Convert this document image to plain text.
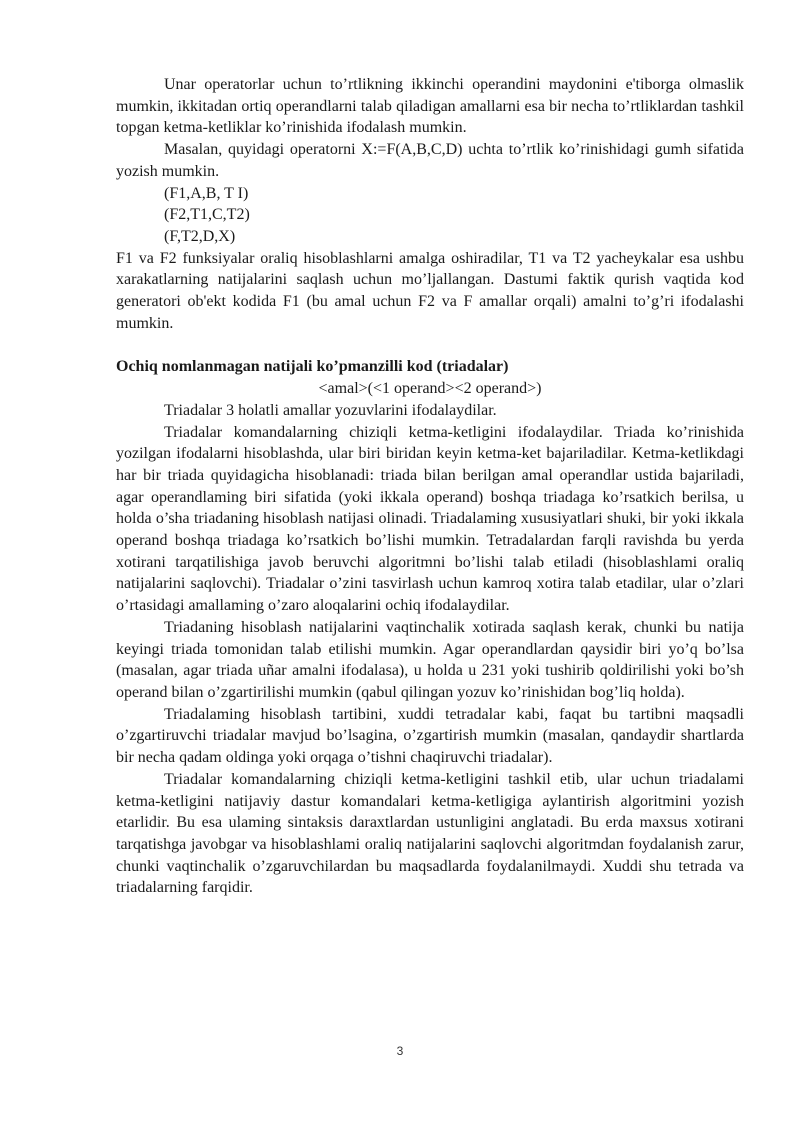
Unar operatorlar uchun to’rtlikning ikkinchi operandini maydonini e'tiborga olmaslik mumkin, ikkitadan ortiq operandlarni talab qiladigan amallarni esa bir necha to’rtliklardan tashkil topgan ketma-ketliklar ko’rinishida ifodalash mumkin.

Masalan, quyidagi operatorni X:=F(A,B,C,D) uchta to’rtlik ko’rinishidagi gumh sifatida yozish mumkin.

(F1,A,B, T I)

(F2,T1,C,T2)

(F,T2,D,X)

F1 va F2 funksiyalar oraliq hisoblashlarni amalga oshiradilar, T1 va T2 yacheykalar esa ushbu xarakatlarning natijalarini saqlash uchun mo’ljallangan. Dastumi faktik qurish vaqtida kod generatori ob'ekt kodida F1 (bu amal uchun F2 va F amallar orqali) amalni to’g’ri ifodalashi mumkin.

Ochiq nomlanmagan natijali ko’pmanzilli kod (triadalar)

<amal>(<1 operand><2 operand>)

Triadalar 3 holatli amallar yozuvlarini ifodalaydilar.

Triadalar komandalarning chiziqli ketma-ketligini ifodalaydilar. Triada ko’rinishida yozilgan ifodalarni hisoblashda, ular biri biridan keyin ketma-ket bajariladilar. Ketma-ketlikdagi har bir triada quyidagicha hisoblanadi: triada bilan berilgan amal operandlar ustida bajariladi, agar operandlaming biri sifatida (yoki ikkala operand) boshqa triadaga ko’rsatkich berilsa, u holda o’sha triadaning hisoblash natijasi olinadi. Triadalaming xususiyatlari shuki, bir yoki ikkala operand boshqa triadaga ko’rsatkich bo’lishi mumkin. Tetradalardan farqli ravishda bu yerda xotirani tarqatilishiga javob beruvchi algoritmni bo’lishi talab etiladi (hisoblashlami oraliq natijalarini saqlovchi). Triadalar o’zini tasvirlash uchun kamroq xotira talab etadilar, ular o’zlari o’rtasidagi amallaming o’zaro aloqalarini ochiq ifodalaydilar.

Triadaning hisoblash natijalarini vaqtinchalik xotirada saqlash kerak, chunki bu natija keyingi triada tomonidan talab etilishi mumkin. Agar operandlardan qaysidir biri yo’q bo’lsa (masalan, agar triada uñar amalni ifodalasa), u holda u 231 yoki tushirib qoldirilishi yoki bo’sh operand bilan o’zgartirilishi mumkin (qabul qilingan yozuv ko’rinishidan bog’liq holda).

Triadalaming hisoblash tartibini, xuddi tetradalar kabi, faqat bu tartibni maqsadli o’zgartiruvchi triadalar mavjud bo’lsagina, o’zgartirish mumkin (masalan, qandaydir shartlarda bir necha qadam oldinga yoki orqaga o’tishni chaqiruvchi triadalar).

Triadalar komandalarning chiziqli ketma-ketligini tashkil etib, ular uchun triadalami ketma-ketligini natijaviy dastur komandalari ketma-ketligiga aylantirish algoritmini yozish etarlidir. Bu esa ulaming sintaksis daraxtlardan ustunligini anglatadi. Bu erda maxsus xotirani tarqatishga javobgar va hisoblashlami oraliq natijalarini saqlovchi algoritmdan foydalanish zarur, chunki vaqtinchalik o’zgaruvchilardan bu maqsadlarda foydalanilmaydi. Xuddi shu tetrada va triadalarning farqidir.

3
